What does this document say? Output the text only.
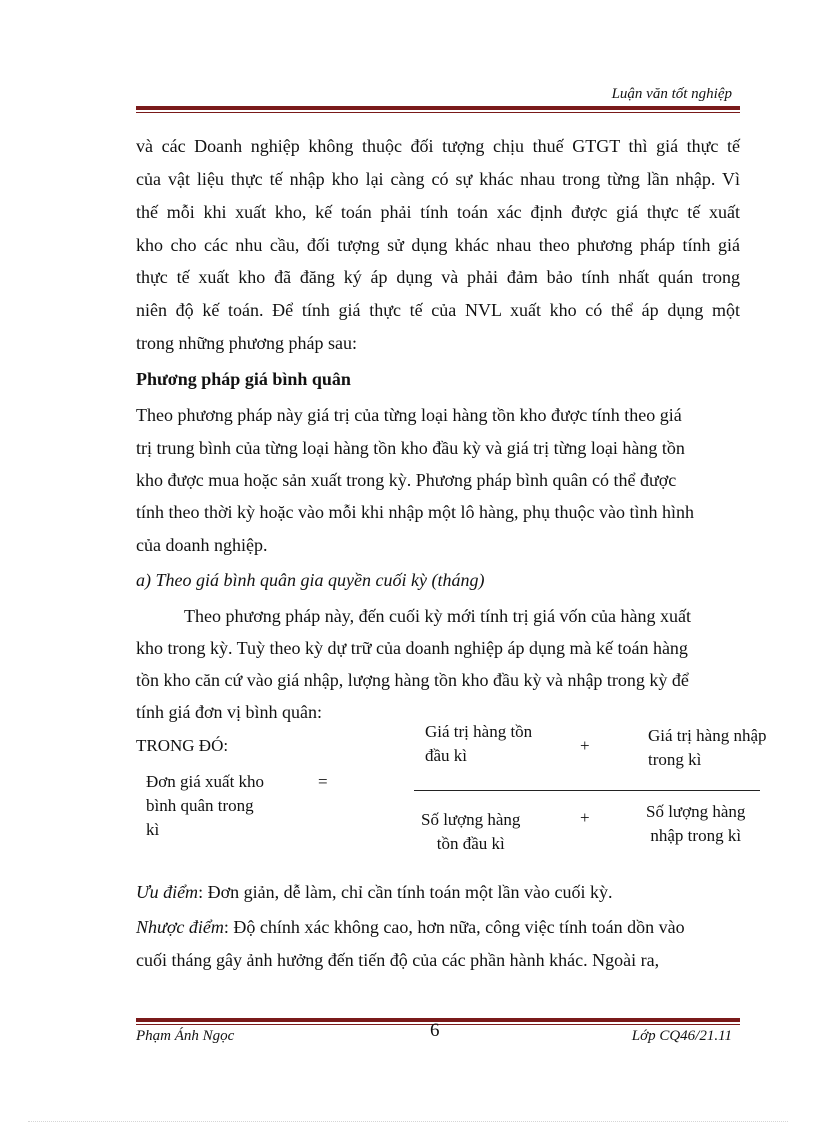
Luận văn tốt nghiệp
và các Doanh nghiệp không thuộc đối tượng chịu thuế GTGT thì giá thực tế
của vật liệu thực tế nhập kho lại càng có sự khác nhau trong từng lần nhập. Vì
thế mỗi khi xuất kho, kế toán phải tính toán xác định được giá thực tế xuất
kho cho các nhu cầu, đối tượng sử dụng khác nhau theo phương pháp tính giá
thực tế xuất kho đã đăng ký áp dụng và phải đảm bảo tính nhất quán trong
niên độ kế toán. Để tính giá thực tế của NVL xuất kho có thể áp dụng một
trong những phương pháp sau:
Phương pháp giá bình quân
Theo phương pháp này giá trị của từng loại hàng tồn kho được tính theo giá
trị trung bình của từng loại hàng tồn kho đầu kỳ và giá trị từng loại hàng tồn
kho được mua hoặc sản xuất trong kỳ. Phương pháp bình quân có thể được
tính theo thời kỳ hoặc vào mỗi khi nhập một lô hàng, phụ thuộc vào tình hình
của doanh nghiệp.
a) Theo giá bình quân gia quyền cuối kỳ (tháng)
Theo phương pháp này, đến cuối kỳ mới tính trị giá vốn của hàng xuất
kho trong kỳ. Tuỳ theo kỳ dự trữ của doanh nghiệp áp dụng mà kế toán hàng
tồn kho căn cứ vào giá nhập, lượng hàng tồn kho đầu kỳ và nhập trong kỳ để
tính giá đơn vị bình quân:
TRONG ĐÓ:
Đơn giá xuất kho
bình quân trong
kì
=
Giá trị hàng tồn
đầu kì
+
Giá trị hàng nhập
trong kì
Số lượng hàng
tồn đầu kì
+	Số lượng hàng
nhập trong kì
Ưu điểm: Đơn giản, dễ làm, chỉ cần tính toán một lần vào cuối kỳ.
Nhược điểm: Độ chính xác không cao, hơn nữa, công việc tính toán dồn vào
cuối tháng gây ảnh hưởng đến tiến độ của các phần hành khác. Ngoài ra,
Phạm Ánh Ngọc	6	Lớp CQ46/21.11
